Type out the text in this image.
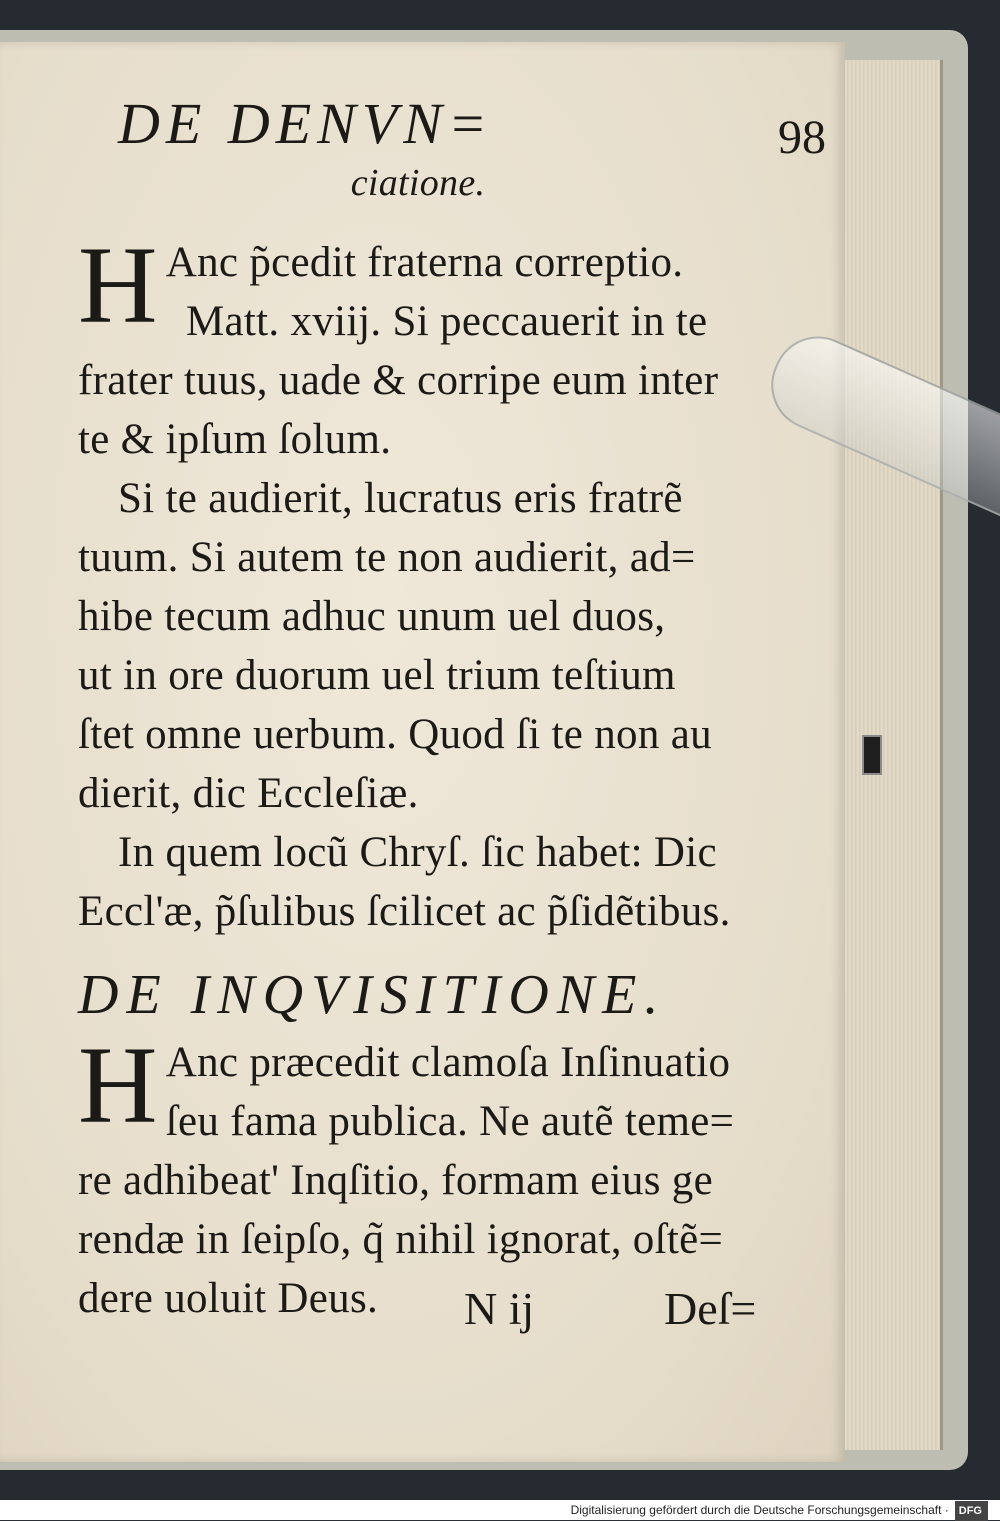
98
DE DENVN=
ciatione.
H Anc p̃cedit fraterna correptio.
Matt. xviĳ. Si peccauerit in te
frater tuus, uade & corripe eum inter
te & ipſum ſolum.
Si te audierit, lucratus eris fratrẽ
tuum. Si autem te non audierit, ad=
hibe tecum adhuc unum uel duos,
ut in ore duorum uel trium teſtium
ſtet omne uerbum. Quod ſi te non au
dierit, dic Eccleſiæ.
In quem locũ Chryſ. ſic habet: Dic
Eccl'æ, p̃ſulibus ſcilicet ac p̃ſidẽtibus.
DE INQVISITIONE.
H Anc præcedit clamoſa Inſinuatio
ſeu fama publica. Ne autẽ teme=
re adhibeat' Inqſitio, formam eius ge
rendæ in ſeipſo, q̃ nihil ignorat, oſtẽ=
dere uoluit Deus.	N ĳ	Deſ=
Digitalisierung gefördert durch die Deutsche Forschungsgemeinschaft · DFG
